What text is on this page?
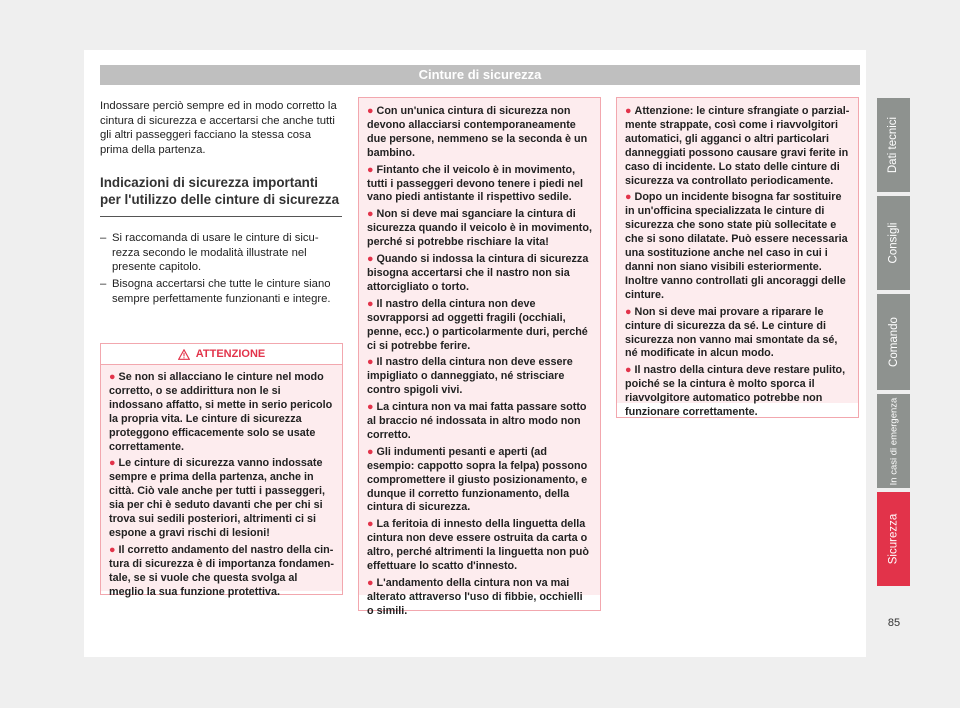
Cinture di sicurezza

Indossare perciò sempre ed in modo corretto la cintura di sicurezza e accertarsi che anche tutti gli altri passeggeri facciano la stessa cosa prima della partenza.

Indicazioni di sicurezza importanti per l'utilizzo delle cinture di sicurezza
– Si raccomanda di usare le cinture di sicurezza secondo le modalità illustrate nel presente capitolo.
– Bisogna accertarsi che tutte le cinture siano sempre perfettamente funzionanti e integre.
ATTENZIONE

● Se non si allacciano le cinture nel modo corretto, o se addirittura non le si indossano affatto, si mette in serio pericolo la propria vita. Le cinture di sicurezza proteggono efficacemente solo se usate correttamente.

● Le cinture di sicurezza vanno indossate sempre e prima della partenza, anche in città. Ciò vale anche per tutti i passeggeri, sia per chi è seduto davanti che per chi si trova sui sedili posteriori, altrimenti ci si espone a gravi rischi di lesioni!

● Il corretto andamento del nastro della cintura di sicurezza è di importanza fondamentale, se si vuole che questa svolga al meglio la sua funzione protettiva.

● Con un'unica cintura di sicurezza non devono allacciarsi contemporaneamente due persone, nemmeno se la seconda è un bambino.

● Fintanto che il veicolo è in movimento, tutti i passeggeri devono tenere i piedi nel vano piedi antistante il rispettivo sedile.

● Non si deve mai sganciare la cintura di sicurezza quando il veicolo è in movimento, perché si potrebbe rischiare la vita!

● Quando si indossa la cintura di sicurezza bisogna accertarsi che il nastro non sia attorcigliato o torto.

● Il nastro della cintura non deve sovrapporsi ad oggetti fragili (occhiali, penne, ecc.) o particolarmente duri, perché ci si potrebbe ferire.

● Il nastro della cintura non deve essere impigliato o danneggiato, né strisciare contro spigoli vivi.

● La cintura non va mai fatta passare sotto al braccio né indossata in altro modo non corretto.

● Gli indumenti pesanti e aperti (ad esempio: cappotto sopra la felpa) possono compromettere il giusto posizionamento, e dunque il corretto funzionamento, della cintura di sicurezza.

● La feritoia di innesto della linguetta della cintura non deve essere ostruita da carta o altro, perché altrimenti la linguetta non può effettuare lo scatto d'innesto.

● L'andamento della cintura non va mai alterato attraverso l'uso di fibbie, occhielli o simili.

● Attenzione: le cinture sfrangiate o parzialmente strappate, così come i riavvolgitori automatici, gli agganci o altri particolari danneggiati possono causare gravi ferite in caso di incidente. Lo stato delle cinture di sicurezza va controllato periodicamente.

● Dopo un incidente bisogna far sostituire in un'officina specializzata le cinture di sicurezza che sono state più sollecitate e che si sono dilatate. Può essere necessaria una sostituzione anche nel caso in cui i danni non siano visibili esteriormente. Inoltre vanno controllati gli ancoraggi delle cinture.

● Non si deve mai provare a riparare le cinture di sicurezza da sé. Le cinture di sicurezza non vanno mai smontate da sé, né modificate in alcun modo.

● Il nastro della cintura deve restare pulito, poiché se la cintura è molto sporca il riavvolgitore automatico potrebbe non funzionare correttamente.

Dati tecnici
Consigli
Comando
In casi di emergenza
Sicurezza
85
